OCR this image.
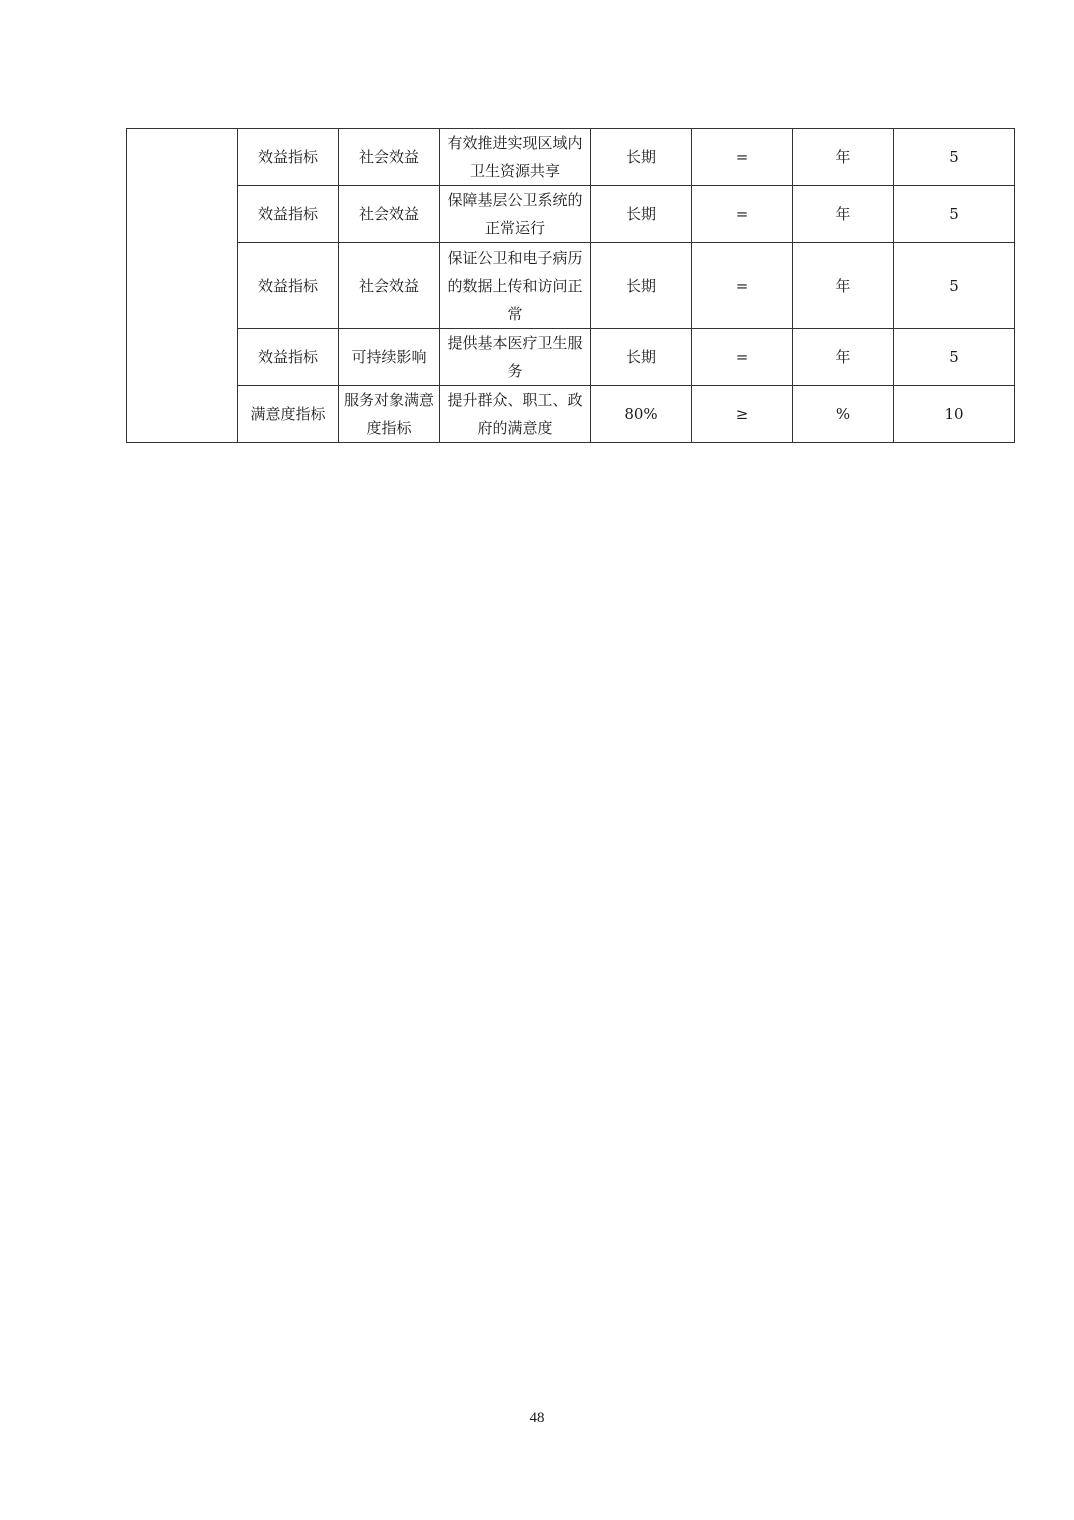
	效益指标	社会效益	有效推进实现区域内卫生资源共享	长期	=	年	5
	效益指标	社会效益	保障基层公卫系统的正常运行	长期	=	年	5
	效益指标	社会效益	保证公卫和电子病历的数据上传和访问正常	长期	=	年	5
	效益指标	可持续影响	提供基本医疗卫生服务	长期	=	年	5
	满意度指标	服务对象满意度指标	提升群众、职工、政府的满意度	80%	≥	%	10
48
